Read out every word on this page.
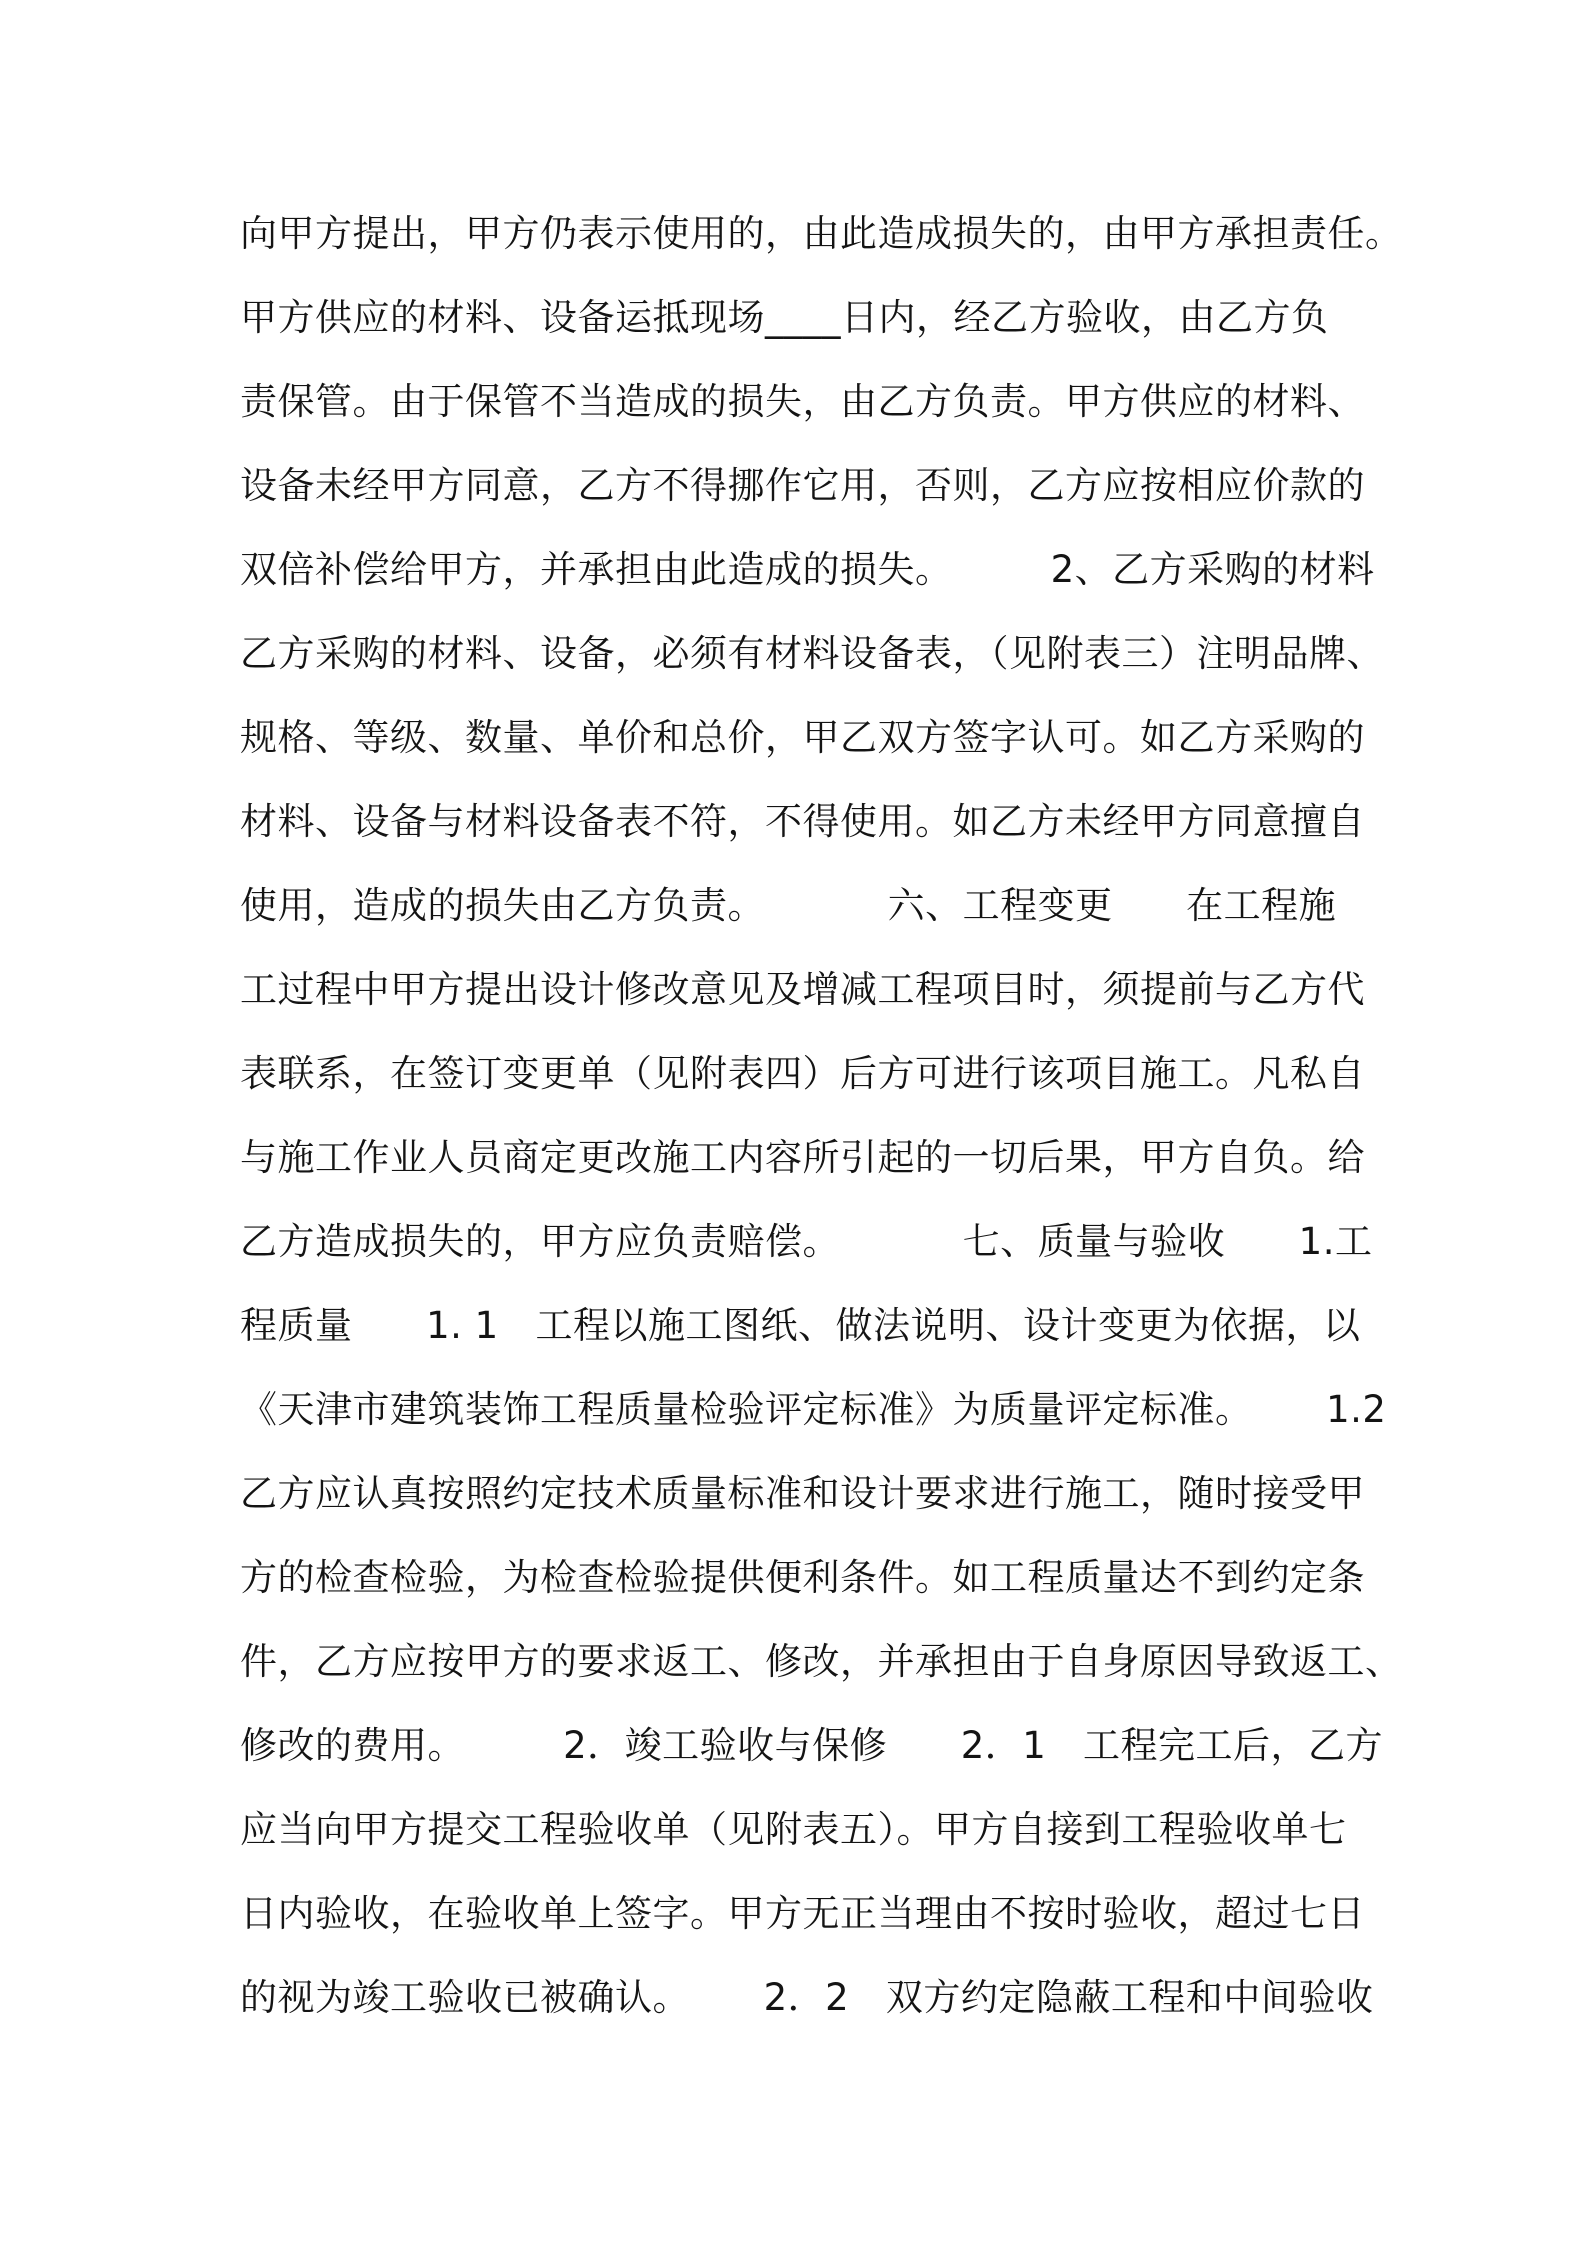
向甲方提出，甲方仍表示使用的，由此造成损失的，由甲方承担责任。
甲方供应的材料、设备运抵现场____日内，经乙方验收，由乙方负
责保管。由于保管不当造成的损失，由乙方负责。甲方供应的材料、
设备未经甲方同意，乙方不得挪作它用，否则，乙方应按相应价款的
双倍补偿给甲方，并承担由此造成的损失。        2、乙方采购的材料
乙方采购的材料、设备，必须有材料设备表，（见附表三）注明品牌、
规格、等级、数量、单价和总价，甲乙双方签字认可。如乙方采购的
材料、设备与材料设备表不符，不得使用。如乙方未经甲方同意擅自
使用，造成的损失由乙方负责。          六、工程变更      在工程施
工过程中甲方提出设计修改意见及增减工程项目时，须提前与乙方代
表联系，在签订变更单（见附表四）后方可进行该项目施工。凡私自
与施工作业人员商定更改施工内容所引起的一切后果，甲方自负。给
乙方造成损失的，甲方应负责赔偿。          七、质量与验收      1.工
程质量      1. 1   工程以施工图纸、做法说明、设计变更为依据，以
《天津市建筑装饰工程质量检验评定标准》为质量评定标准。      1.2
乙方应认真按照约定技术质量标准和设计要求进行施工，随时接受甲
方的检查检验，为检查检验提供便利条件。如工程质量达不到约定条
件，乙方应按甲方的要求返工、修改，并承担由于自身原因导致返工、
修改的费用。        2．竣工验收与保修      2．1   工程完工后，乙方
应当向甲方提交工程验收单（见附表五）。甲方自接到工程验收单七
日内验收，在验收单上签字。甲方无正当理由不按时验收，超过七日
的视为竣工验收已被确认。      2．2   双方约定隐蔽工程和中间验收
